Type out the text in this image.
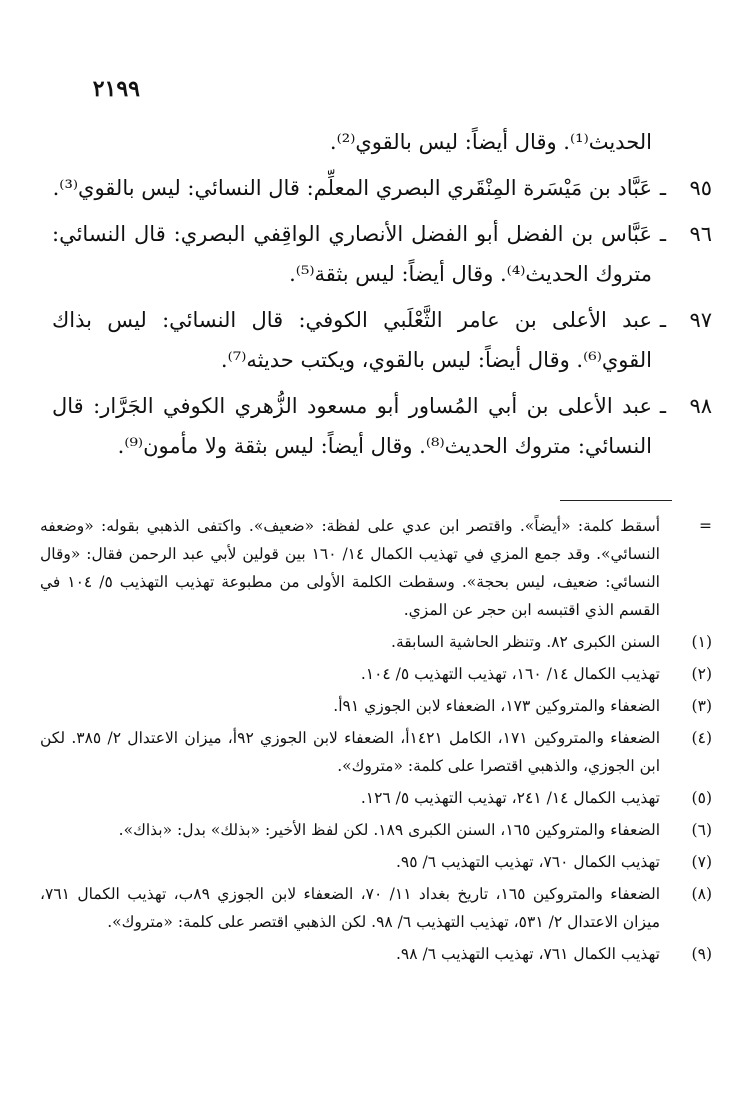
٢١٩٩
الحديث⁽¹⁾. وقال أيضاً: ليس بالقوي⁽²⁾.
٩٥
ـ
عَبَّاد بن مَيْسَرة المِنْقَري البصري المعلِّم: قال النسائي: ليس بالقوي⁽³⁾.
٩٦
ـ
عَبَّاس بن الفضل أبو الفضل الأنصاري الواقِفي البصري: قال النسائي: متروك الحديث⁽⁴⁾. وقال أيضاً: ليس بثقة⁽⁵⁾.
٩٧
ـ
عبد الأعلى بن عامر الثَّعْلَبي الكوفي: قال النسائي: ليس بذاك القوي⁽⁶⁾. وقال أيضاً: ليس بالقوي، ويكتب حديثه⁽⁷⁾.
٩٨
ـ
عبد الأعلى بن أبي المُساور أبو مسعود الزُّهري الكوفي الجَرَّار: قال النسائي: متروك الحديث⁽⁸⁾. وقال أيضاً: ليس بثقة ولا مأمون⁽⁹⁾.
=
أسقط كلمة: «أيضاً». واقتصر ابن عدي على لفظة: «ضعيف». واكتفى الذهبي بقوله: «وضعفه النسائي». وقد جمع المزي في تهذيب الكمال ١٤/ ١٦٠ بين قولين لأبي عبد الرحمن فقال: «وقال النسائي: ضعيف، ليس بحجة». وسقطت الكلمة الأولى من مطبوعة تهذيب التهذيب ٥/ ١٠٤ في القسم الذي اقتبسه ابن حجر عن المزي.
(١)
السنن الكبرى ٨٢. وتنظر الحاشية السابقة.
(٢)
تهذيب الكمال ١٤/ ١٦٠، تهذيب التهذيب ٥/ ١٠٤.
(٣)
الضعفاء والمتروكين ١٧٣، الضعفاء لابن الجوزي ٩١أ.
(٤)
الضعفاء والمتروكين ١٧١، الكامل ١٤٢١أ، الضعفاء لابن الجوزي ٩٢أ، ميزان الاعتدال ٢/ ٣٨٥. لكن ابن الجوزي، والذهبي اقتصرا على كلمة: «متروك».
(٥)
تهذيب الكمال ١٤/ ٢٤١، تهذيب التهذيب ٥/ ١٢٦.
(٦)
الضعفاء والمتروكين ١٦٥، السنن الكبرى ١٨٩. لكن لفظ الأخير: «بذلك» بدل: «بذاك».
(٧)
تهذيب الكمال ٧٦٠، تهذيب التهذيب ٦/ ٩٥.
(٨)
الضعفاء والمتروكين ١٦٥، تاريخ بغداد ١١/ ٧٠، الضعفاء لابن الجوزي ٨٩ب، تهذيب الكمال ٧٦١، ميزان الاعتدال ٢/ ٥٣١، تهذيب التهذيب ٦/ ٩٨. لكن الذهبي اقتصر على كلمة: «متروك».
(٩)
تهذيب الكمال ٧٦١، تهذيب التهذيب ٦/ ٩٨.
